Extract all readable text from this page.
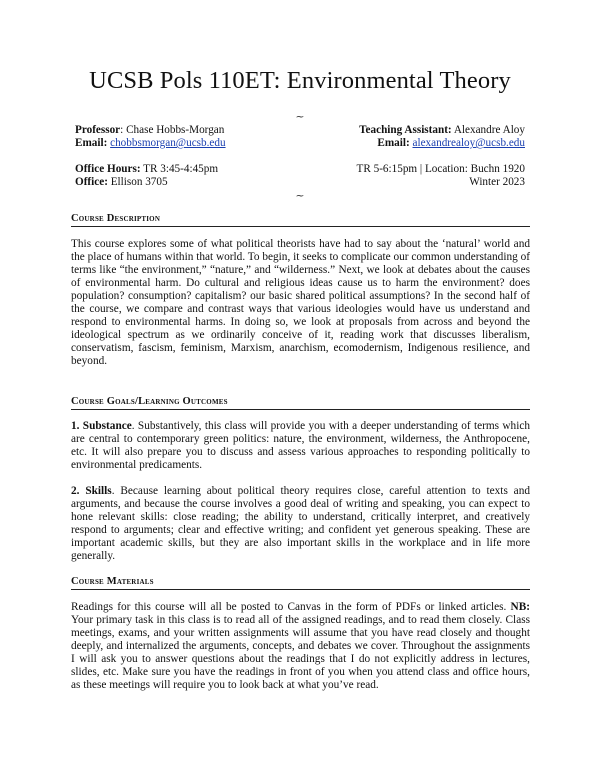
UCSB Pols 110ET: Environmental Theory
~
Professor: Chase Hobbs-Morgan
Email: chobbsmorgan@ucsb.edu
Office Hours: TR 3:45-4:45pm
Office: Ellison 3705
Teaching Assistant: Alexandre Aloy
Email: alexandrealoy@ucsb.edu
TR 5-6:15pm | Location: Buchn 1920
Winter 2023
~
Course Description
This course explores some of what political theorists have had to say about the ‘natural’ world and the place of humans within that world. To begin, it seeks to complicate our common understanding of terms like “the environment,” “nature,” and “wilderness.” Next, we look at debates about the causes of environmental harm. Do cultural and religious ideas cause us to harm the environment? does population? consumption? capitalism? our basic shared political assumptions? In the second half of the course, we compare and contrast ways that various ideologies would have us understand and respond to environmental harms. In doing so, we look at proposals from across and beyond the ideological spectrum as we ordinarily conceive of it, reading work that discusses liberalism, conservatism, fascism, feminism, Marxism, anarchism, ecomodernism, Indigenous resilience, and beyond.
Course Goals/Learning Outcomes
1. Substance. Substantively, this class will provide you with a deeper understanding of terms which are central to contemporary green politics: nature, the environment, wilderness, the Anthropocene, etc. It will also prepare you to discuss and assess various approaches to responding politically to environmental predicaments.
2. Skills. Because learning about political theory requires close, careful attention to texts and arguments, and because the course involves a good deal of writing and speaking, you can expect to hone relevant skills: close reading; the ability to understand, critically interpret, and creatively respond to arguments; clear and effective writing; and confident yet generous speaking. These are important academic skills, but they are also important skills in the workplace and in life more generally.
Course Materials
Readings for this course will all be posted to Canvas in the form of PDFs or linked articles. NB: Your primary task in this class is to read all of the assigned readings, and to read them closely. Class meetings, exams, and your written assignments will assume that you have read closely and thought deeply, and internalized the arguments, concepts, and debates we cover. Throughout the assignments I will ask you to answer questions about the readings that I do not explicitly address in lectures, slides, etc. Make sure you have the readings in front of you when you attend class and office hours, as these meetings will require you to look back at what you’ve read.
